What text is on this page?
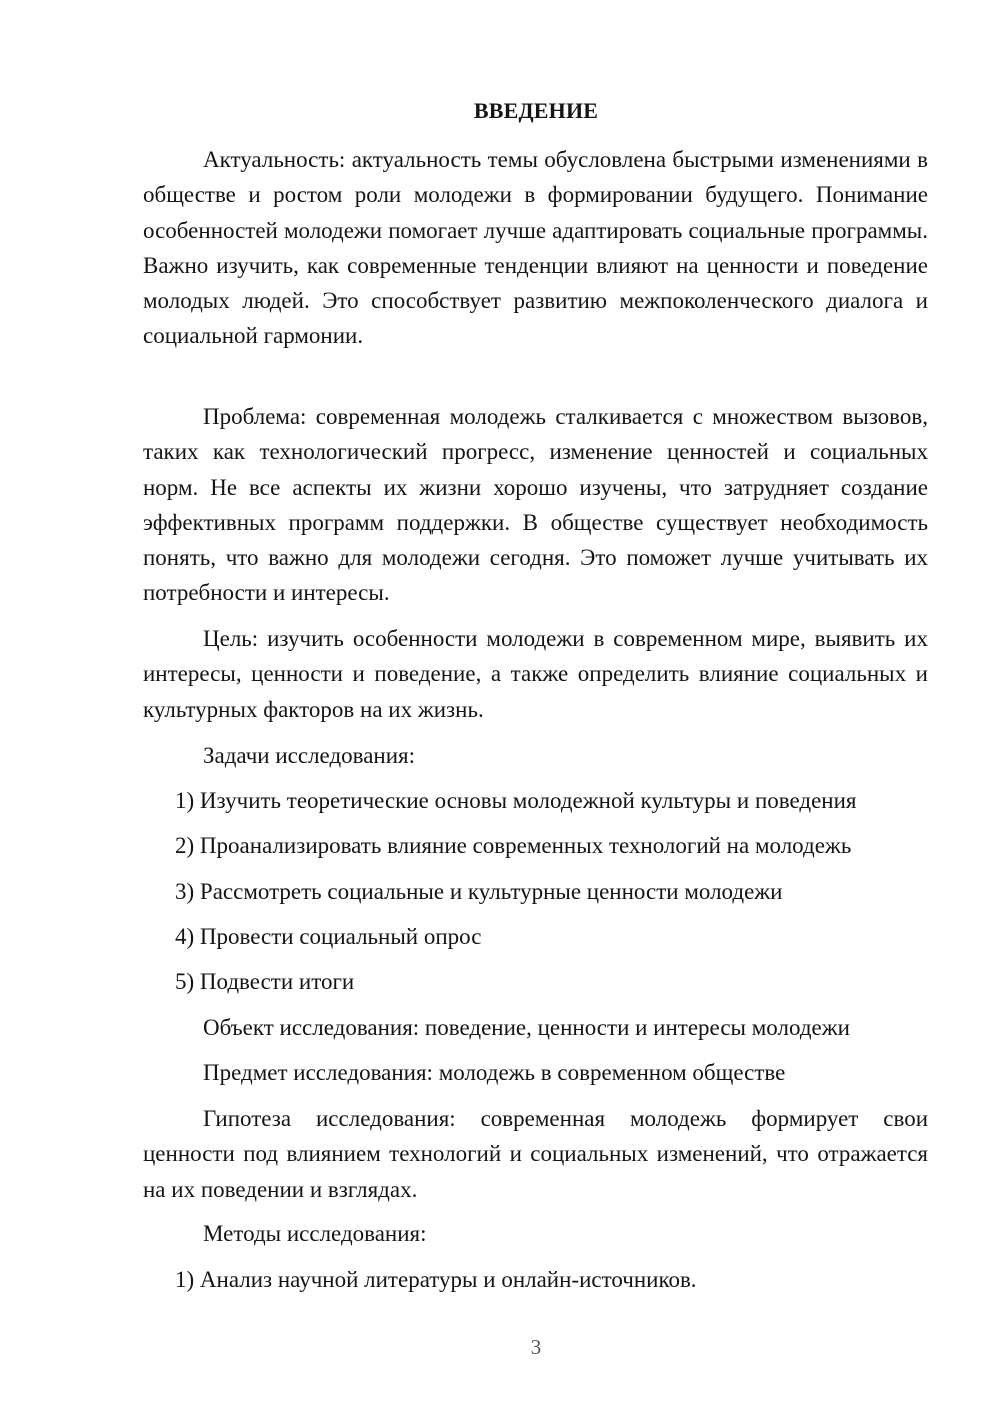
ВВЕДЕНИЕ

Актуальность: актуальность темы обусловлена быстрыми изменениями в обществе и ростом роли молодежи в формировании будущего. Понимание особенностей молодежи помогает лучше адаптировать социальные программы. Важно изучить, как современные тенденции влияют на ценности и поведение молодых людей. Это способствует развитию межпоколенческого диалога и социальной гармонии.

Проблема: современная молодежь сталкивается с множеством вызовов, таких как технологический прогресс, изменение ценностей и социальных норм. Не все аспекты их жизни хорошо изучены, что затрудняет создание эффективных программ поддержки. В обществе существует необходимость понять, что важно для молодежи сегодня. Это поможет лучше учитывать их потребности и интересы.

Цель: изучить особенности молодежи в современном мире, выявить их интересы, ценности и поведение, а также определить влияние социальных и культурных факторов на их жизнь.

Задачи исследования:

1) Изучить теоретические основы молодежной культуры и поведения

2) Проанализировать влияние современных технологий на молодежь

3) Рассмотреть социальные и культурные ценности молодежи

4) Провести социальный опрос

5) Подвести итоги

Объект исследования: поведение, ценности и интересы молодежи

Предмет исследования: молодежь в современном обществе

Гипотеза исследования: современная молодежь формирует свои ценности под влиянием технологий и социальных изменений, что отражается на их поведении и взглядах.

Методы исследования:

1) Анализ научной литературы и онлайн-источников.

3
